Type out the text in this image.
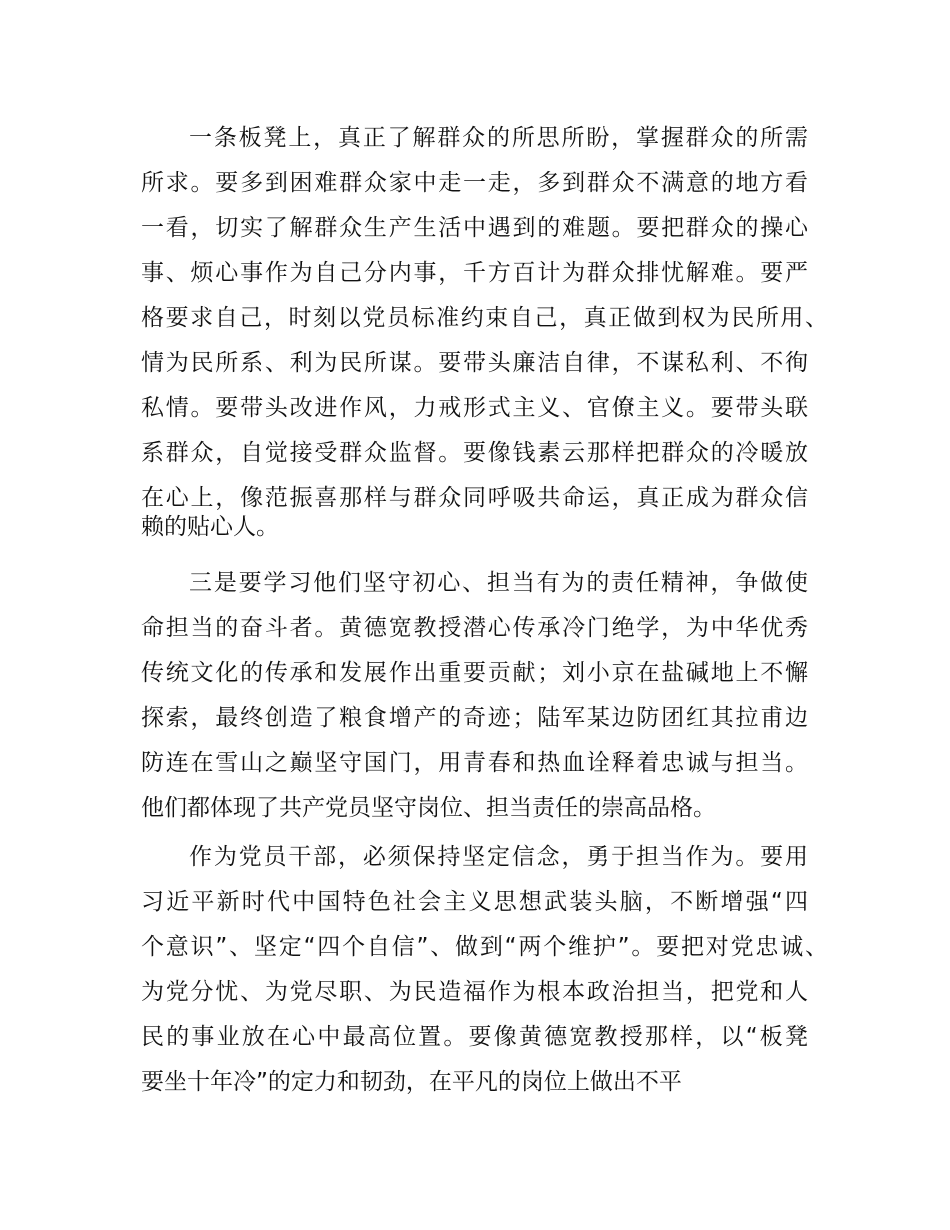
一条板凳上，真正了解群众的所思所盼，掌握群众的所需
所求。要多到困难群众家中走一走，多到群众不满意的地方看
一看，切实了解群众生产生活中遇到的难题。要把群众的操心
事、烦心事作为自己分内事，千方百计为群众排忧解难。要严
格要求自己，时刻以党员标准约束自己，真正做到权为民所用、
情为民所系、利为民所谋。要带头廉洁自律，不谋私利、不徇
私情。要带头改进作风，力戒形式主义、官僚主义。要带头联
系群众，自觉接受群众监督。要像钱素云那样把群众的冷暖放
在心上，像范振喜那样与群众同呼吸共命运，真正成为群众信
赖的贴心人。
三是要学习他们坚守初心、担当有为的责任精神，争做使
命担当的奋斗者。黄德宽教授潜心传承冷门绝学，为中华优秀
传统文化的传承和发展作出重要贡献；刘小京在盐碱地上不懈
探索，最终创造了粮食增产的奇迹；陆军某边防团红其拉甫边
防连在雪山之巅坚守国门，用青春和热血诠释着忠诚与担当。
他们都体现了共产党员坚守岗位、担当责任的崇高品格。
作为党员干部，必须保持坚定信念，勇于担当作为。要用
习近平新时代中国特色社会主义思想武装头脑，不断增强“四
个意识”、坚定“四个自信”、做到“两个维护”。要把对党忠诚、
为党分忧、为党尽职、为民造福作为根本政治担当，把党和人
民的事业放在心中最高位置。要像黄德宽教授那样，以“板凳
要坐十年冷”的定力和韧劲，在平凡的岗位上做出不平
